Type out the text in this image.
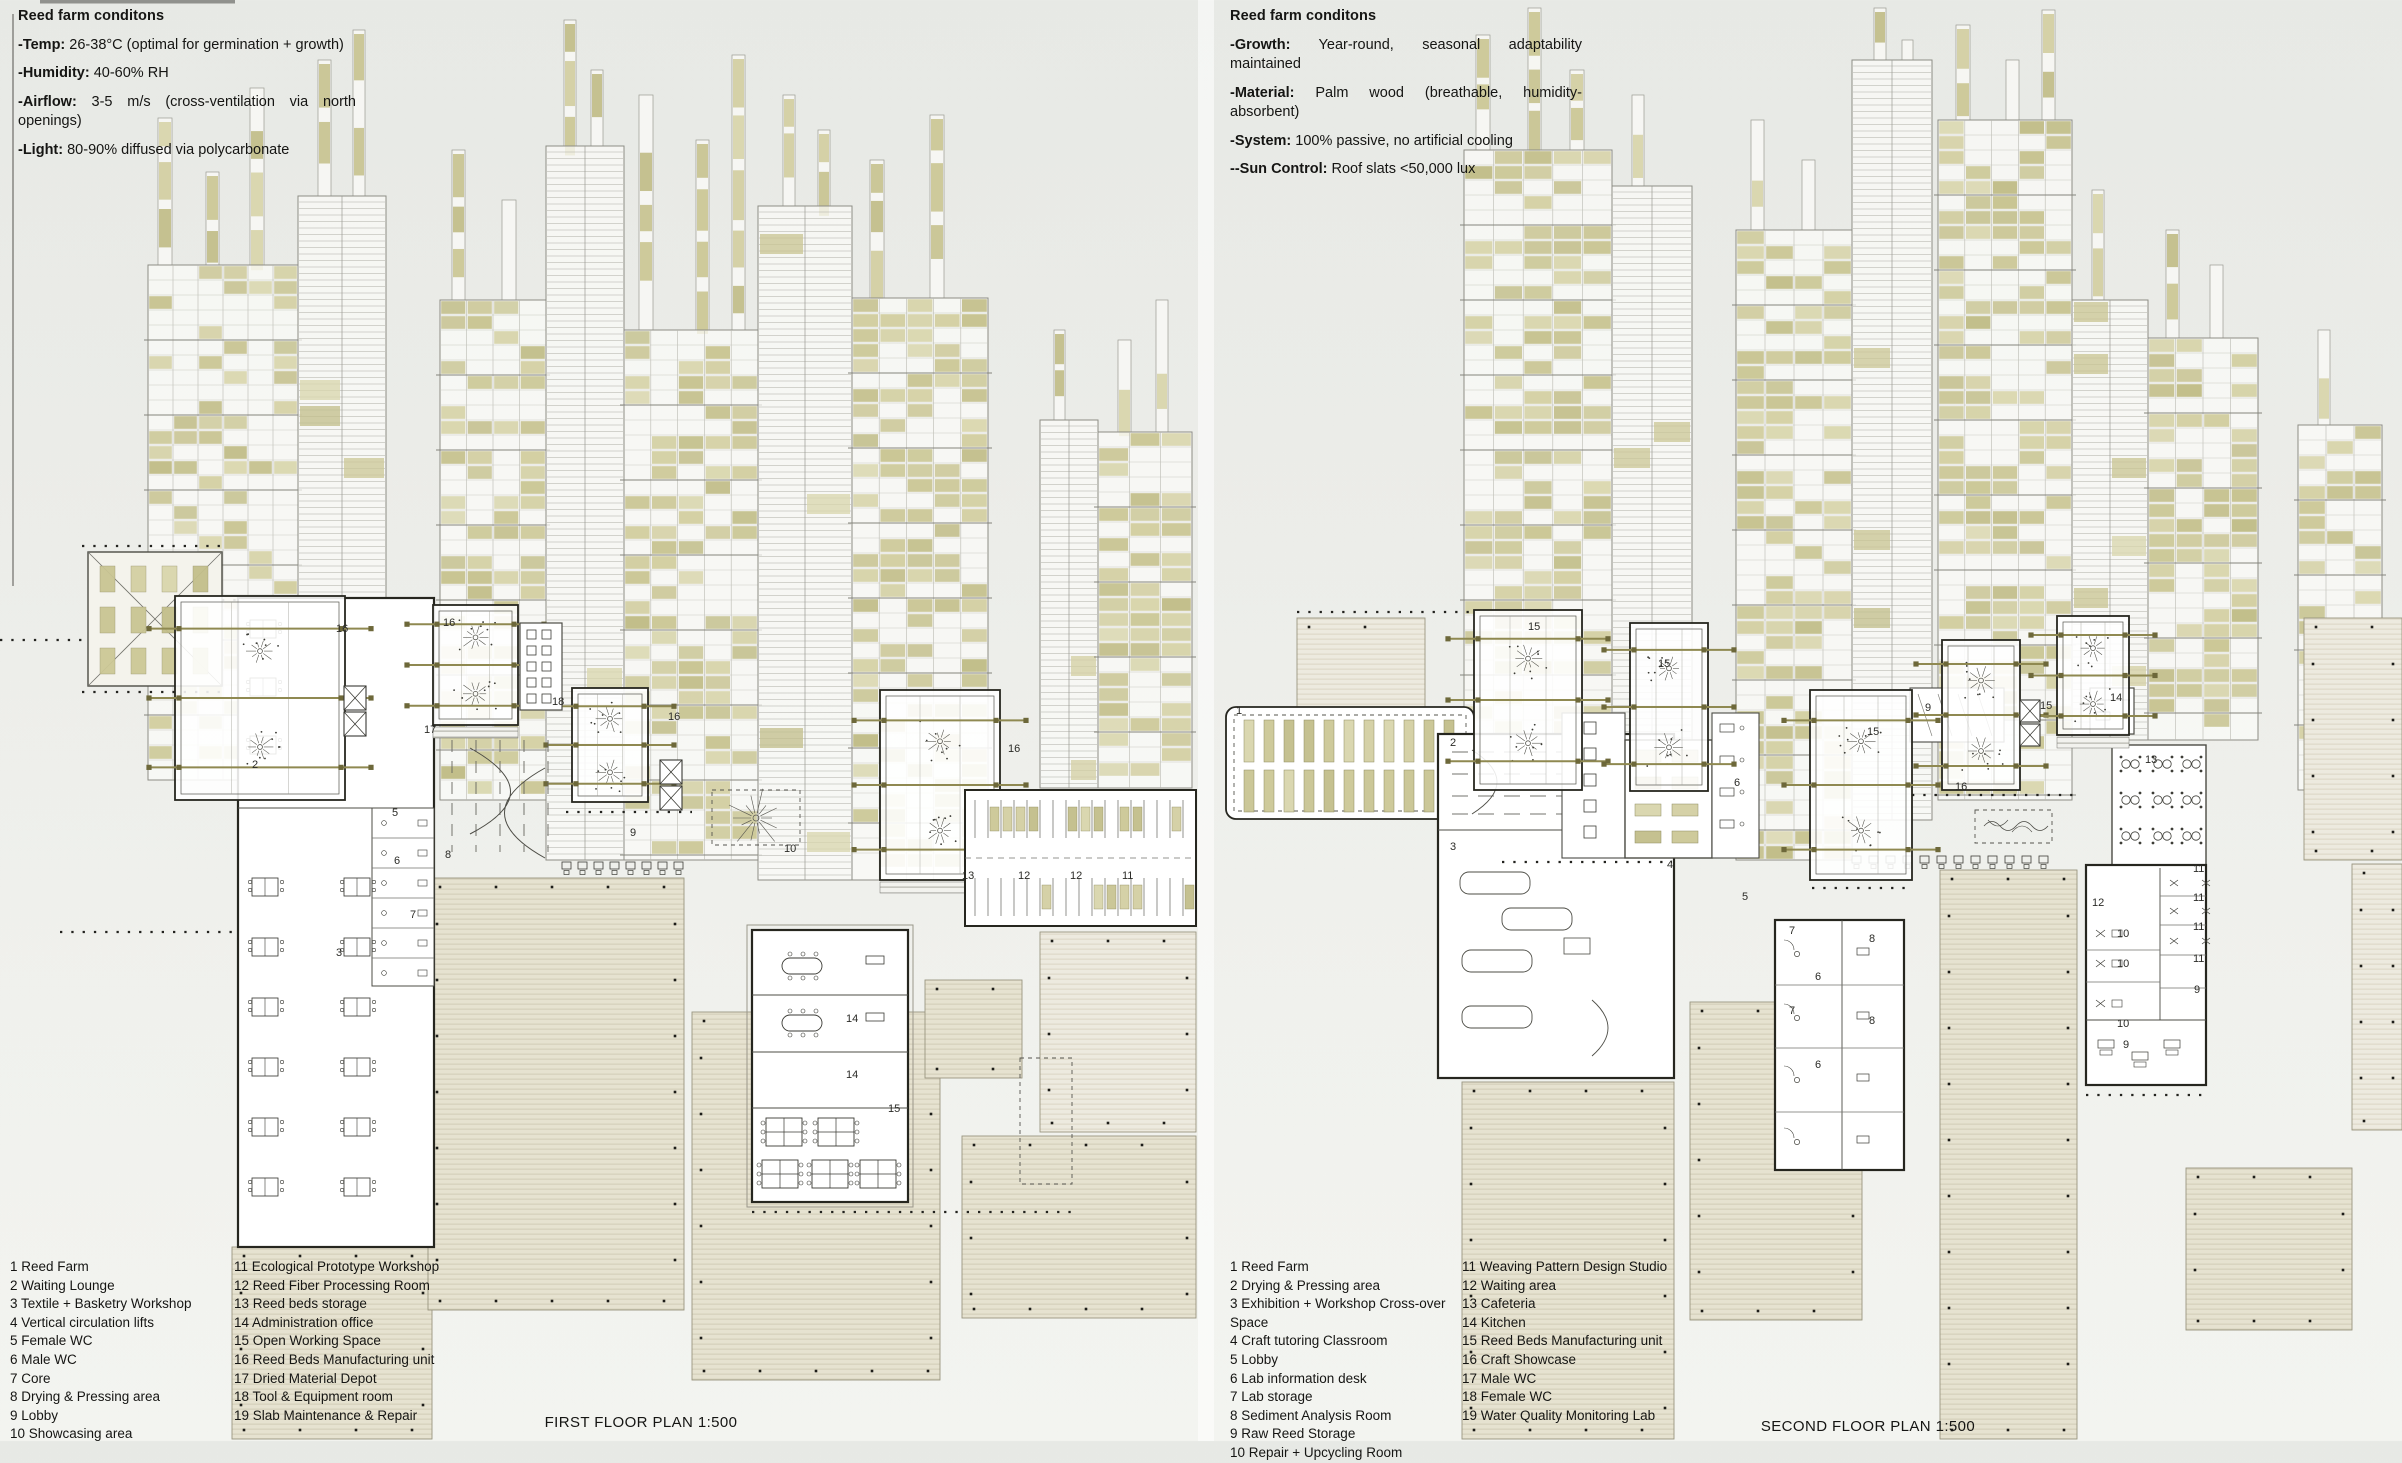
16	16
16
16
17
2
18
5
6
7
8
9
10
3
13	12	12	11
14
14
15
Reed farm conditons
-Temp: 26-38°C (optimal for germination + growth)
-Humidity: 40-60% RH
-Airflow: 3-5 m/s (cross-ventilation via north openings)
-Light: 80-90% diffused via polycarbonate
1 Reed Farm
2 Waiting Lounge
3 Textile + Basketry Workshop
4 Vertical circulation lifts
5 Female WC
6 Male WC
7 Core
8 Drying & Pressing area
9 Lobby
10 Showcasing area
11 Ecological Prototype Workshop
12 Reed Fiber Processing Room
13 Reed beds storage
14 Administration office
15 Open Working Space
16 Reed Beds Manufacturing unit
17 Dried Material Depot
18 Tool & Equipment room
19 Slab Maintenance & Repair	FIRST FLOOR PLAN 1:500
1
15
15
15
15
16
14
13
2
3
4
5
6
9
7
8
6
7
8
6
12
10
10
10
11
11
11
11
9
9
Reed farm conditons
-Growth: Year-round, seasonal adaptability maintained
-Material: Palm wood (breathable, humidity-absorbent)
-System: 100% passive, no artificial cooling
--Sun Control: Roof slats <50,000 lux
1 Reed Farm
2 Drying & Pressing area
3 Exhibition + Workshop Cross-over Space
4 Craft tutoring Classroom
5 Lobby
6 Lab information desk
7 Lab storage
8 Sediment Analysis Room
9 Raw Reed Storage
10 Repair + Upcycling Room
11 Weaving Pattern Design Studio
12 Waiting area
13 Cafeteria
14 Kitchen
15 Reed Beds Manufacturing unit
16 Craft Showcase
17 Male WC
18 Female WC
19 Water Quality Monitoring Lab
SECOND FLOOR PLAN 1:500
